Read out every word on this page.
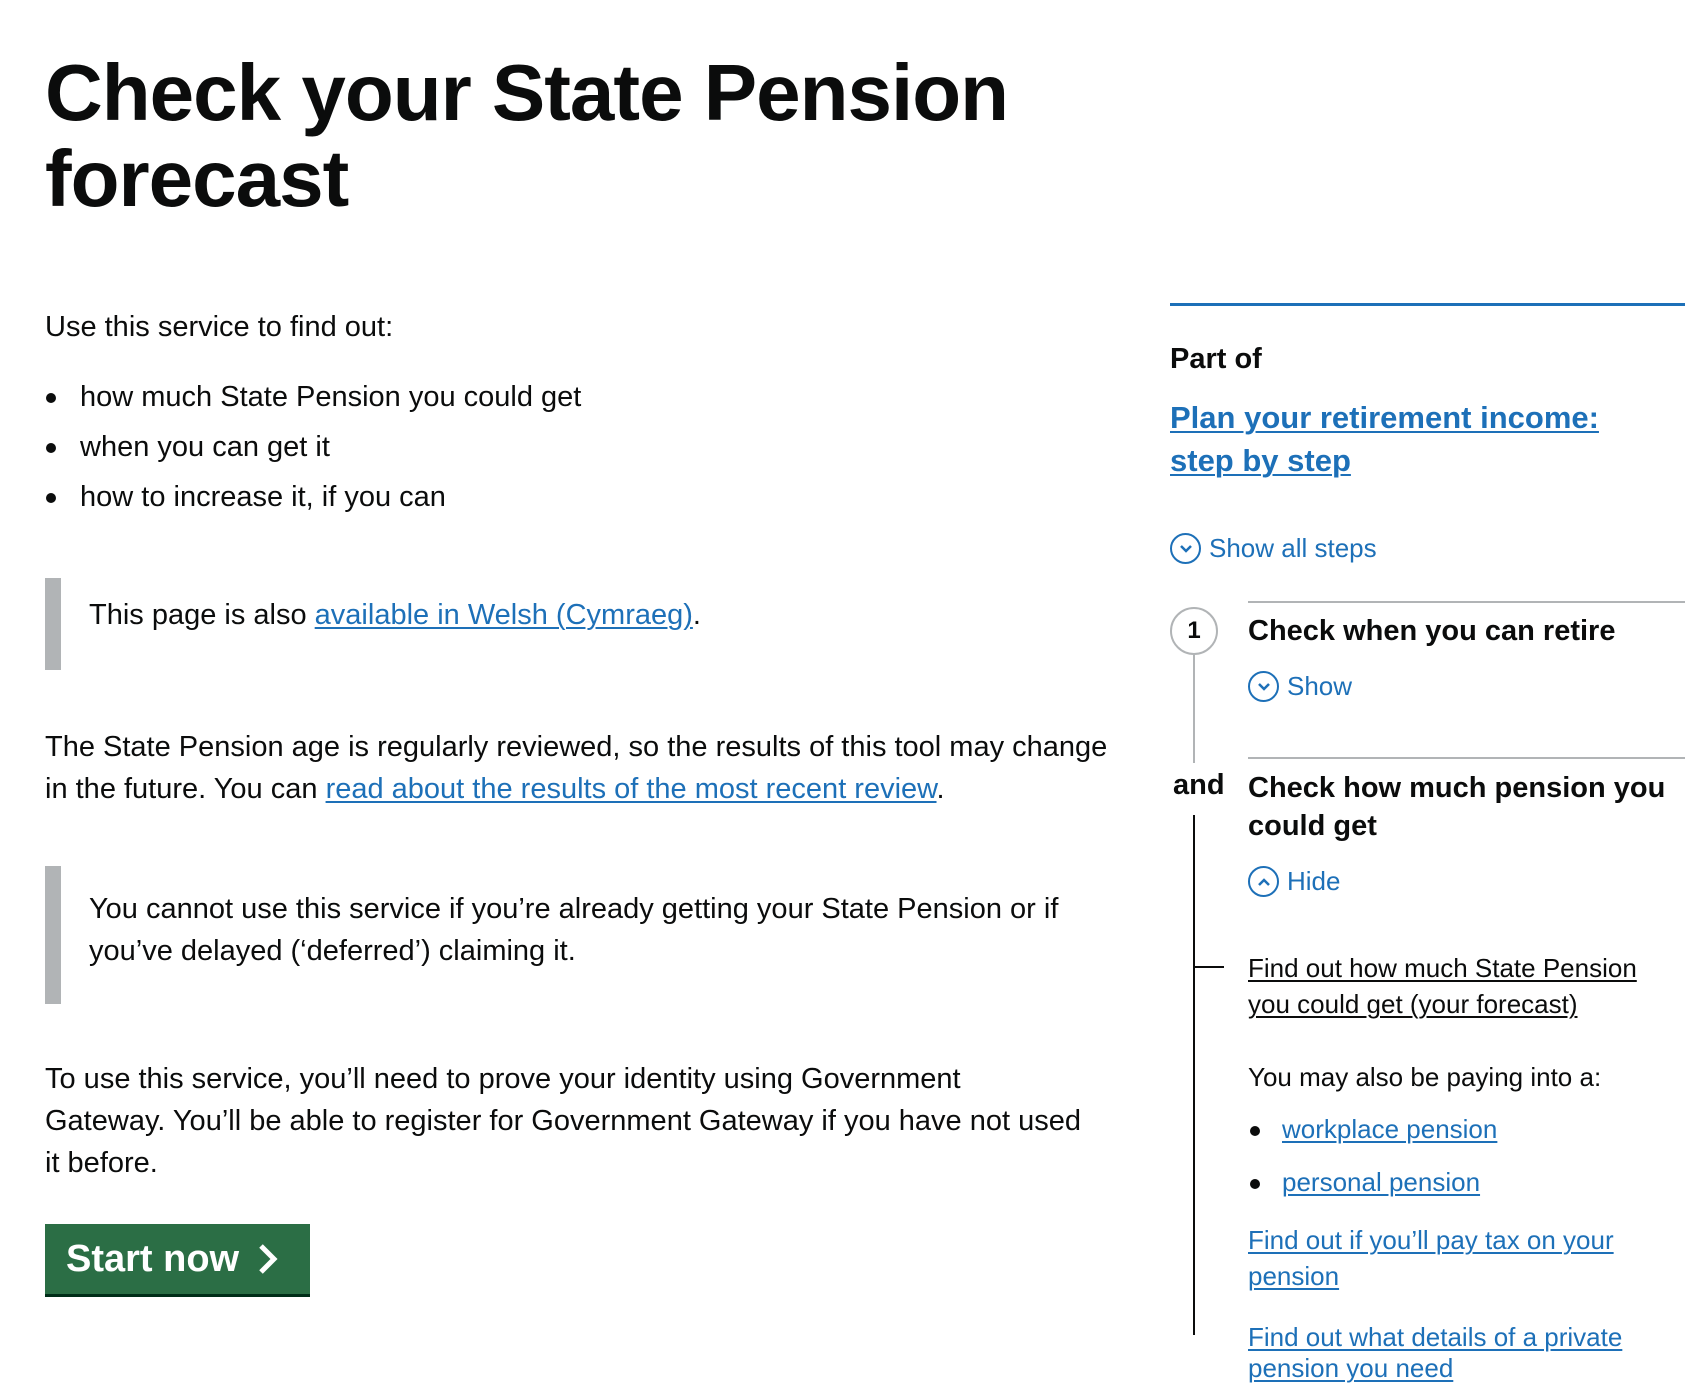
Check your State Pension forecast

Use this service to find out:

how much State Pension you could get
when you can get it
how to increase it, if you can

This page is also available in Welsh (Cymraeg).

The State Pension age is regularly reviewed, so the results of this tool may change in the future. You can read about the results of the most recent review.

You cannot use this service if you’re already getting your State Pension or if you’ve delayed (‘deferred’) claiming it.

To use this service, you’ll need to prove your identity using Government Gateway. You’ll be able to register for Government Gateway if you have not used it before.

Start now

Part of

Plan your retirement income: step by step
Show all steps
1	Check when you can retire

Show
and Check how much pension you could get

Hide
Find out how much State Pension you could get (your forecast)

You may also be paying into a:

workplace pension
personal pension
Find out if you’ll pay tax on your pension
Find out what details of a private pension you need
